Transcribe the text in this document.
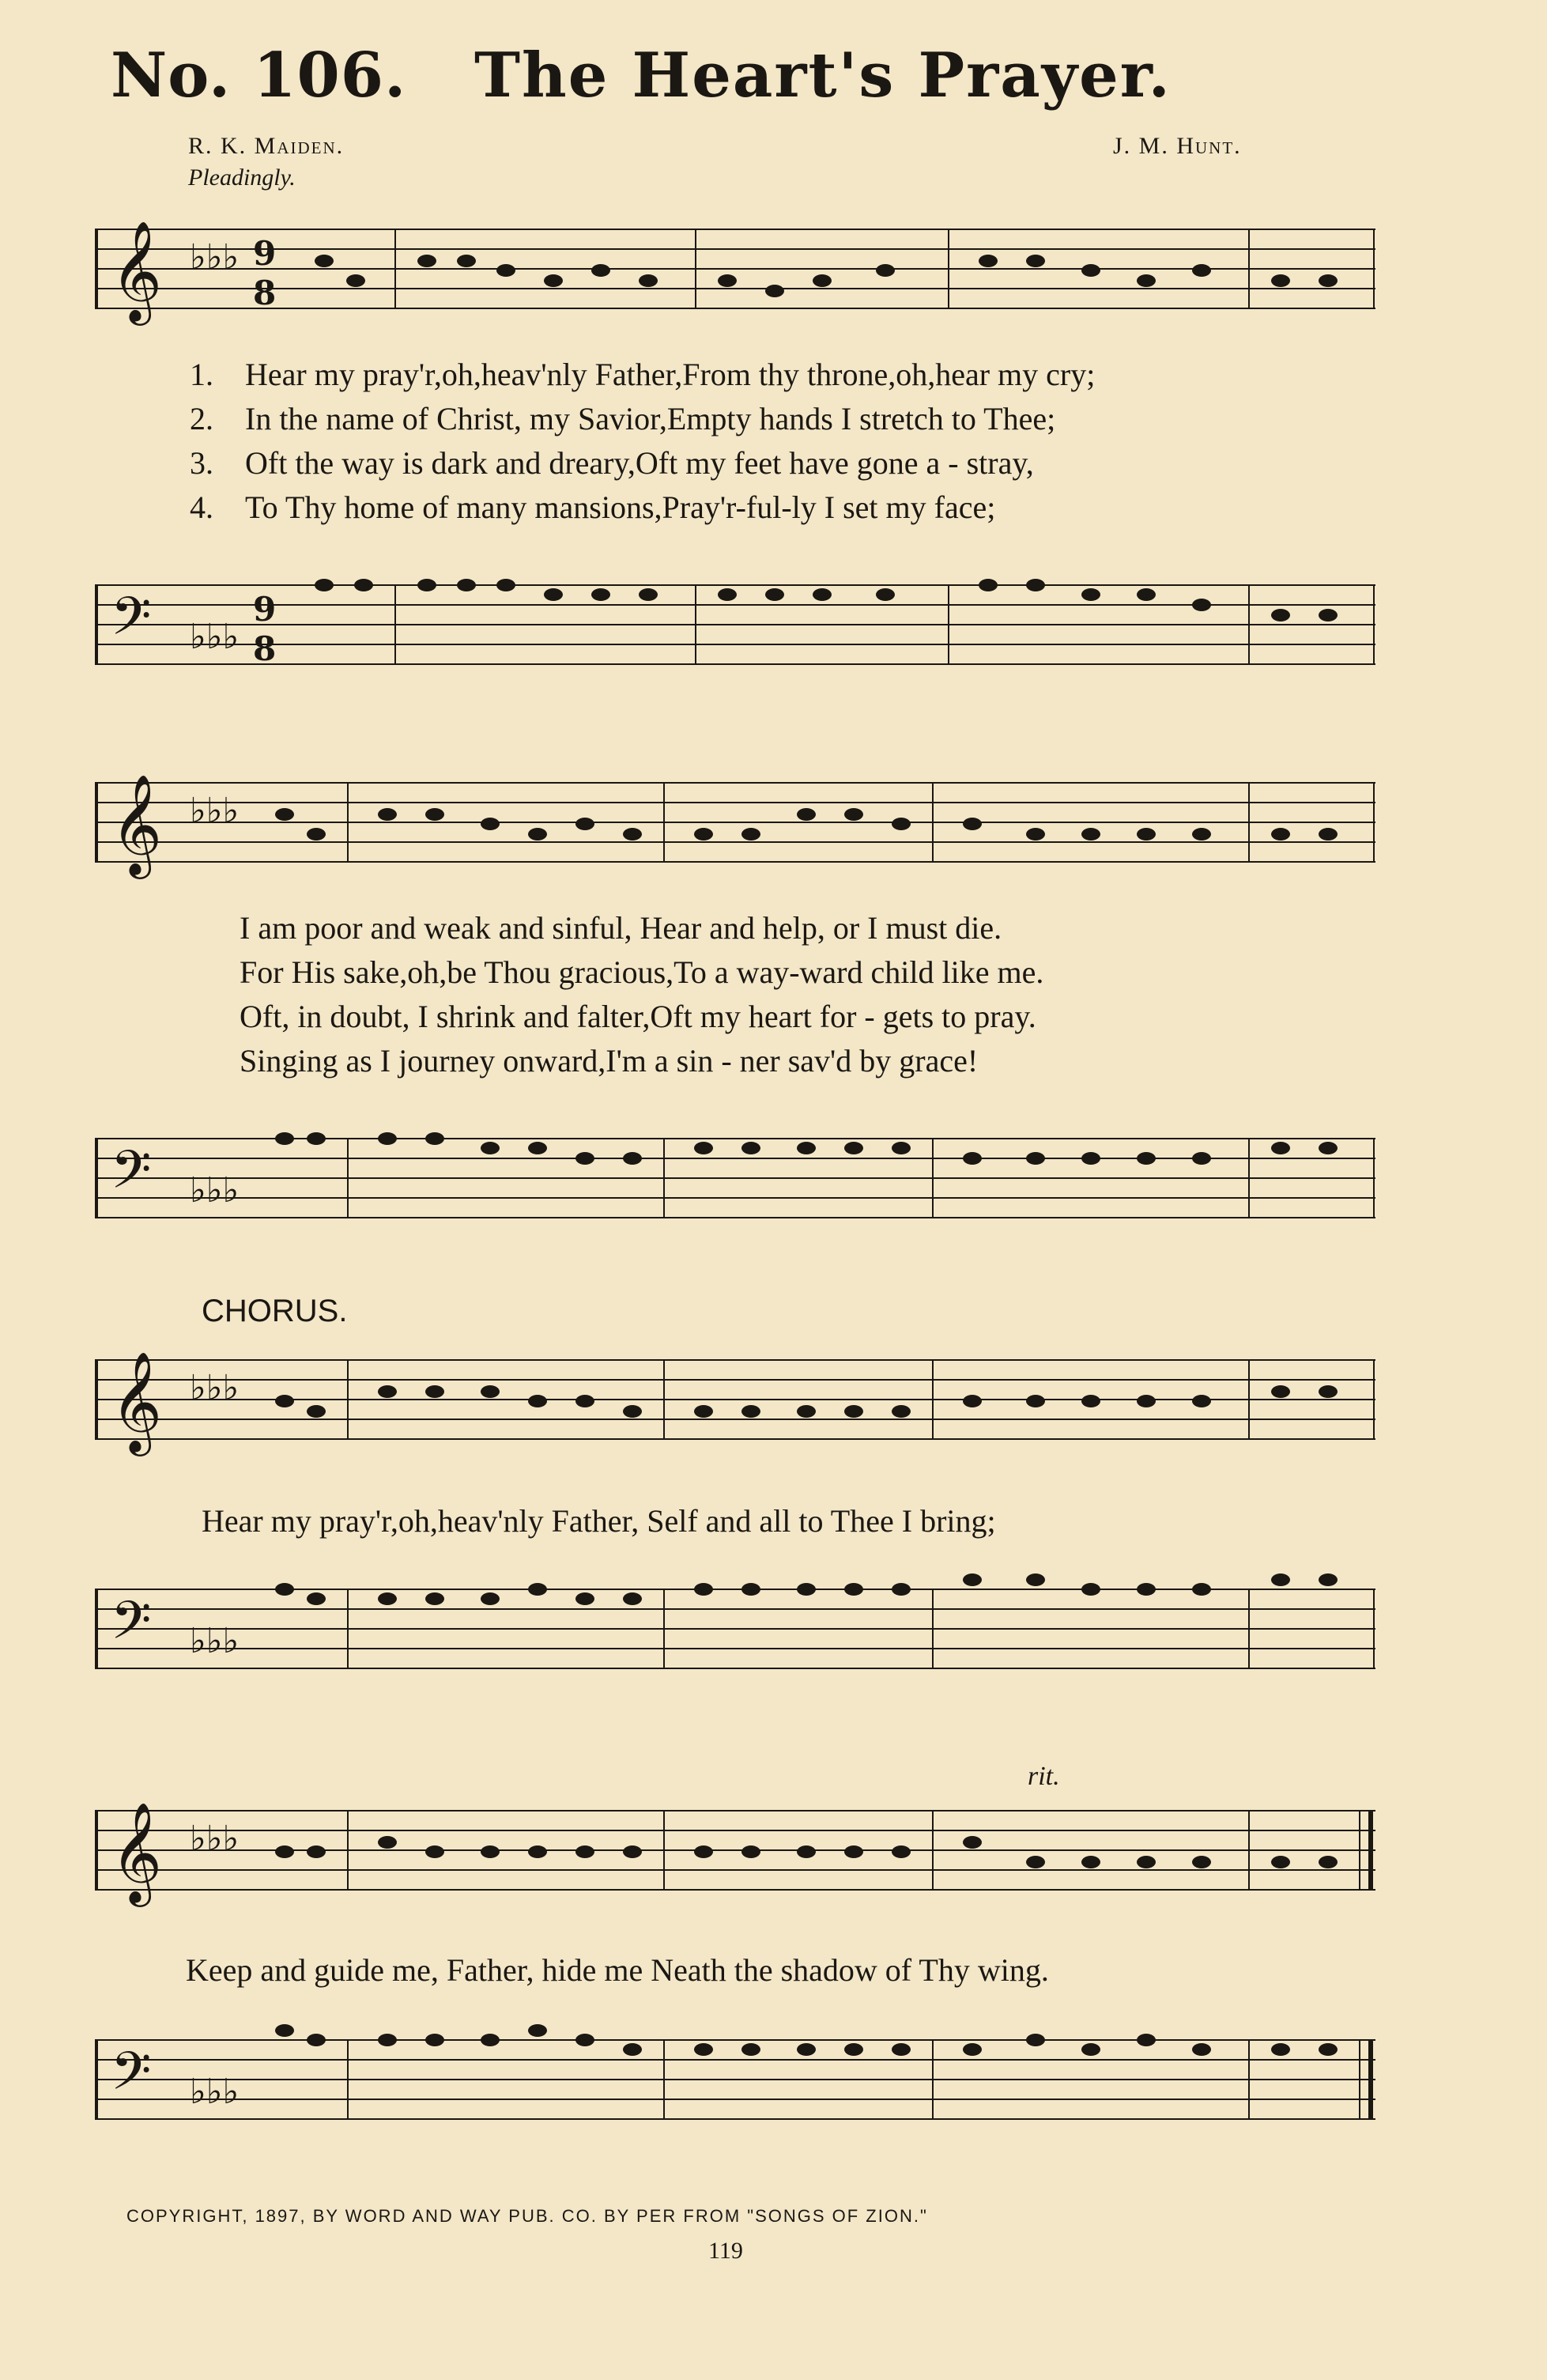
No. 106. The Heart's Prayer.
R. K. Maiden.	J. M. Hunt.
Pleadingly.
𝄞 ♭♭♭ 9
8
1. Hear my pray'r,oh,heav'nly Father,From thy throne,oh,hear my cry;
2. In the name of Christ, my Savior,Empty hands I stretch to Thee;
3. Oft the way is dark and dreary,Oft my feet have gone a - stray,
4. To Thy home of many mansions,Pray'r-ful-ly I set my face;
𝄢 ♭♭♭
9
8
𝄞 ♭♭♭
I am poor and weak and sinful, Hear and help, or I must die.
For His sake,oh,be Thou gracious,To a way-ward child like me.
Oft, in doubt, I shrink and falter,Oft my heart for - gets to pray.
Singing as I journey onward,I'm a sin - ner sav'd by grace!
𝄢 ♭♭♭
CHORUS.
𝄞 ♭♭♭
Hear my pray'r,oh,heav'nly Father, Self and all to Thee I bring;
𝄢 ♭♭♭
rit.
𝄞 ♭♭♭
Keep and guide me, Father, hide me Neath the shadow of Thy wing.
𝄢 ♭♭♭
COPYRIGHT, 1897, BY WORD AND WAY PUB. CO. BY PER FROM "SONGS OF ZION."
119
